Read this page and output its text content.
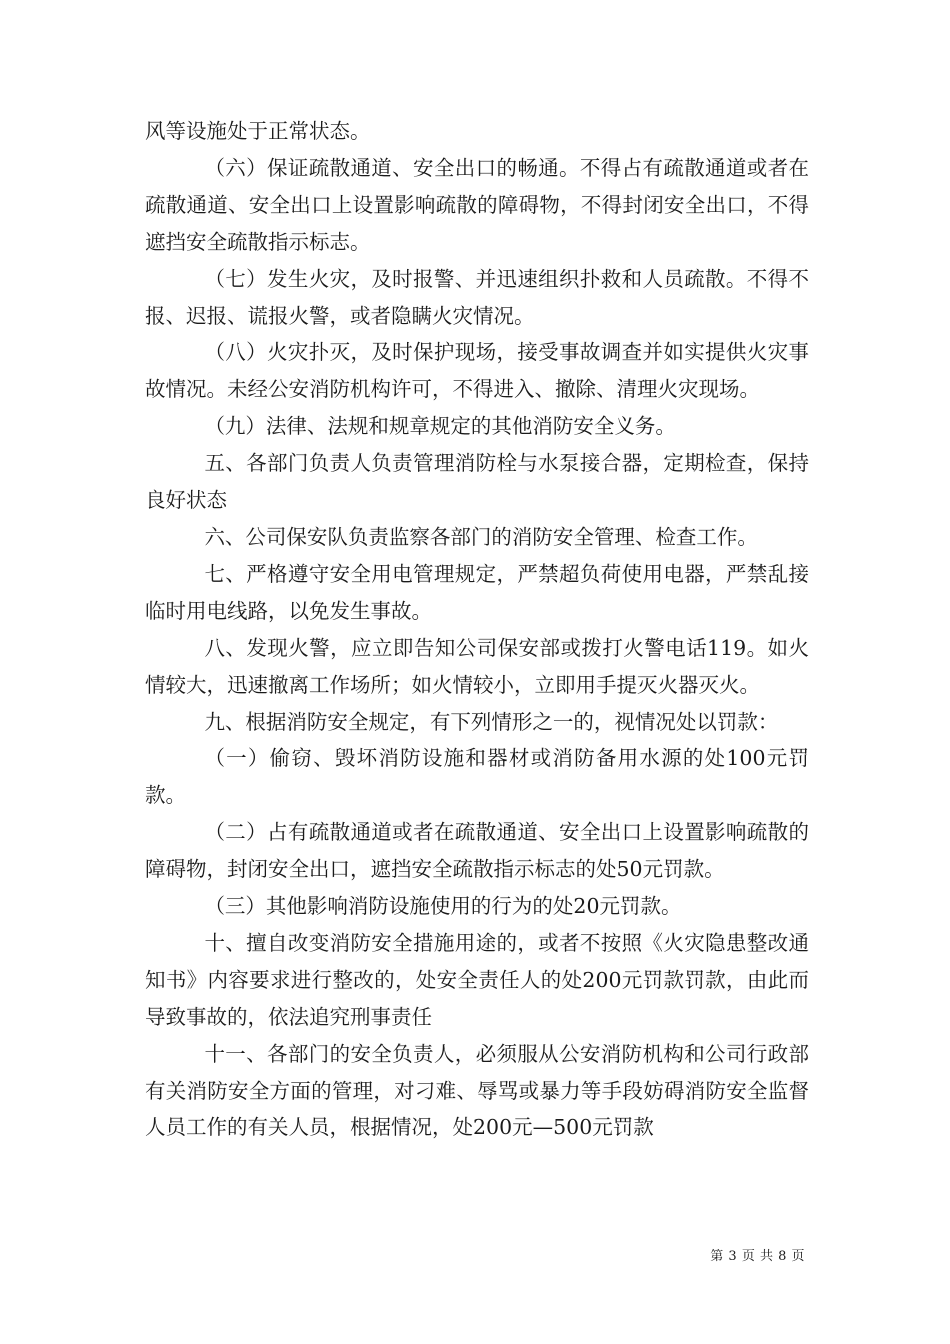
风等设施处于正常状态。

（六）保证疏散通道、安全出口的畅通。不得占有疏散通道或者在疏散通道、安全出口上设置影响疏散的障碍物，不得封闭安全出口，不得遮挡安全疏散指示标志。

（七）发生火灾，及时报警、并迅速组织扑救和人员疏散。不得不报、迟报、谎报火警，或者隐瞒火灾情况。

（八）火灾扑灭，及时保护现场，接受事故调查并如实提供火灾事故情况。未经公安消防机构许可，不得进入、撤除、清理火灾现场。

（九）法律、法规和规章规定的其他消防安全义务。

五、各部门负责人负责管理消防栓与水泵接合器，定期检查，保持良好状态

六、公司保安队负责监察各部门的消防安全管理、检查工作。

七、严格遵守安全用电管理规定，严禁超负荷使用电器，严禁乱接临时用电线路，以免发生事故。

八、发现火警，应立即告知公司保安部或拨打火警电话119。如火情较大，迅速撤离工作场所；如火情较小，立即用手提灭火器灭火。

九、根据消防安全规定，有下列情形之一的，视情况处以罚款：

（一）偷窃、毁坏消防设施和器材或消防备用水源的处100元罚款。

（二）占有疏散通道或者在疏散通道、安全出口上设置影响疏散的障碍物，封闭安全出口，遮挡安全疏散指示标志的处50元罚款。

（三）其他影响消防设施使用的行为的处20元罚款。

十、擅自改变消防安全措施用途的，或者不按照《火灾隐患整改通知书》内容要求进行整改的，处安全责任人的处200元罚款罚款，由此而导致事故的，依法追究刑事责任

十一、各部门的安全负责人，必须服从公安消防机构和公司行政部有关消防安全方面的管理，对刁难、辱骂或暴力等手段妨碍消防安全监督人员工作的有关人员，根据情况，处200元—500元罚款

第 3 页 共 8 页
